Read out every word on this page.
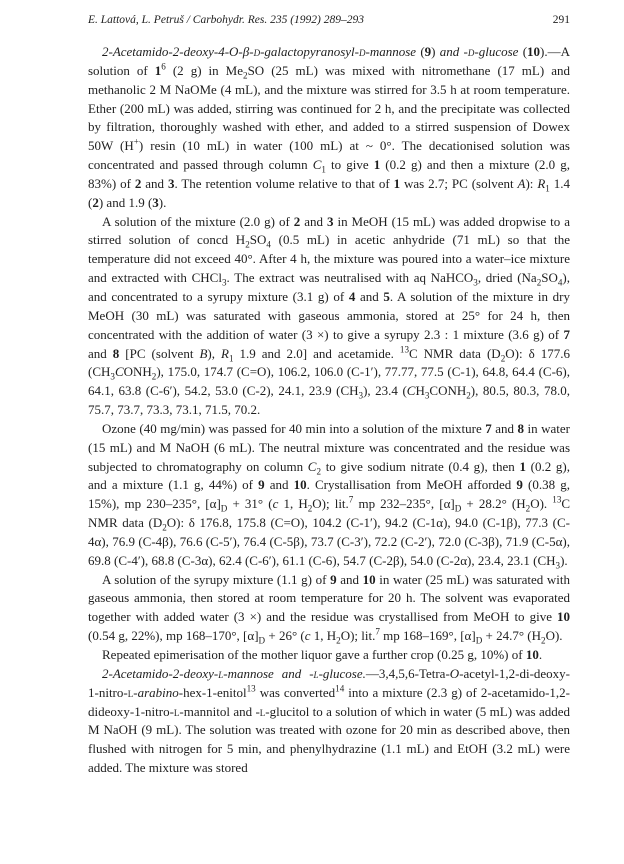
E. Lattová, L. Petruš / Carbohydr. Res. 235 (1992) 289–293	291

2-Acetamido-2-deoxy-4-O-β-d-galactopyranosyl-d-mannose (9) and -d-glucose (10).—A solution of $1^6$ (2 g) in $Me_2SO$ (25 mL) was mixed with nitromethane (17 mL) and methanolic 2 M NaOMe (4 mL), and the mixture was stirred for 3.5 h at room temperature. Ether (200 mL) was added, stirring was continued for 2 h, and the precipitate was collected by filtration, thoroughly washed with ether, and added to a stirred suspension of Dowex 50W (H+) resin (10 mL) in water (100 mL) at ~ 0°. The decationised solution was concentrated and passed through column $C_1$ to give 1 (0.2 g) and then a mixture (2.0 g, 83%) of 2 and 3. The retention volume relative to that of 1 was 2.7; PC (solvent A): $R_1$ 1.4 (2) and 1.9 (3).

A solution of the mixture (2.0 g) of 2 and 3 in MeOH (15 mL) was added dropwise to a stirred solution of concd $H_2SO_4$ (0.5 mL) in acetic anhydride (71 mL) so that the temperature did not exceed 40°. After 4 h, the mixture was poured into a water–ice mixture and extracted with CHCl$_3$. The extract was neutralised with aq NaHCO$_3$, dried $(Na_2SO_4)$, and concentrated to a syrupy mixture (3.1 g) of 4 and 5. A solution of the mixture in dry MeOH (30 mL) was saturated with gaseous ammonia, stored at 25° for 24 h, then concentrated with the addition of water (3 ×) to give a syrupy 2.3 : 1 mixture (3.6 g) of 7 and 8 [PC (solvent B), $R_1$ 1.9 and 2.0] and acetamide. $^{13}$C NMR data $(D_2O)$: δ 177.6 $(CH_3CONH_2)$, 175.0, 174.7 (C=O), 106.2, 106.0 (C-1′), 77.77, 77.5 (C-1), 64.8, 64.4 (C-6), 64.1, 63.8 (C-6′), 54.2, 53.0 (C-2), 24.1, 23.9 $(CH_3)$, 23.4 $(CH_3CONH_2)$, 80.5, 80.3, 78.0, 75.7, 73.7, 73.3, 73.1, 71.5, 70.2.

Ozone (40 mg/min) was passed for 40 min into a solution of the mixture 7 and 8 in water (15 mL) and M NaOH (6 mL). The neutral mixture was concentrated and the residue was subjected to chromatography on column $C_2$ to give sodium nitrate (0.4 g), then 1 (0.2 g), and a mixture (1.1 g, 44%) of 9 and 10. Crystallisation from MeOH afforded 9 (0.38 g, 15%), mp 230–235°, $[\alpha]_D + 31^\circ$ (c 1, $H_2O$); lit.$^7$ mp 232–235°, $[\alpha]_D + 28.2^\circ$ $(H_2O)$. $^{13}$C NMR data $(D_2O)$: δ 176.8, 175.8 (C=O), 104.2 (C-1′), 94.2 (C-1α), 94.0 (C-1β), 77.3 (C-4α), 76.9 (C-4β), 76.6 (C-5′), 76.4 (C-5β), 73.7 (C-3′), 72.2 (C-2′), 72.0 (C-3β), 71.9 (C-5α), 69.8 (C-4′), 68.8 (C-3α), 62.4 (C-6′), 61.1 (C-6), 54.7 (C-2β), 54.0 (C-2α), 23.4, 23.1 $(CH_3)$.

A solution of the syrupy mixture (1.1 g) of 9 and 10 in water (25 mL) was saturated with gaseous ammonia, then stored at room temperature for 20 h. The solvent was evaporated together with added water (3 ×) and the residue was crystallised from MeOH to give 10 (0.54 g, 22%), mp 168–170°, $[\alpha]_D + 26^\circ$ (c 1, $H_2O$); lit.$^7$ mp 168–169°, $[\alpha]_D + 24.7^\circ$ $(H_2O)$.

Repeated epimerisation of the mother liquor gave a further crop (0.25 g, 10%) of 10.

2-Acetamido-2-deoxy-l-mannose and -l-glucose.—3,4,5,6-Tetra-O-acetyl-1,2-di-deoxy-1-nitro-l-arabino-hex-1-enitol$^{13}$ was converted$^{14}$ into a mixture (2.3 g) of 2-acetamido-1,2-dideoxy-1-nitro-l-mannitol and -l-glucitol to a solution of which in water (5 mL) was added M NaOH (9 mL). The solution was treated with ozone for 20 min as described above, then flushed with nitrogen for 5 min, and phenylhydrazine (1.1 mL) and EtOH (3.2 mL) were added. The mixture was stored
